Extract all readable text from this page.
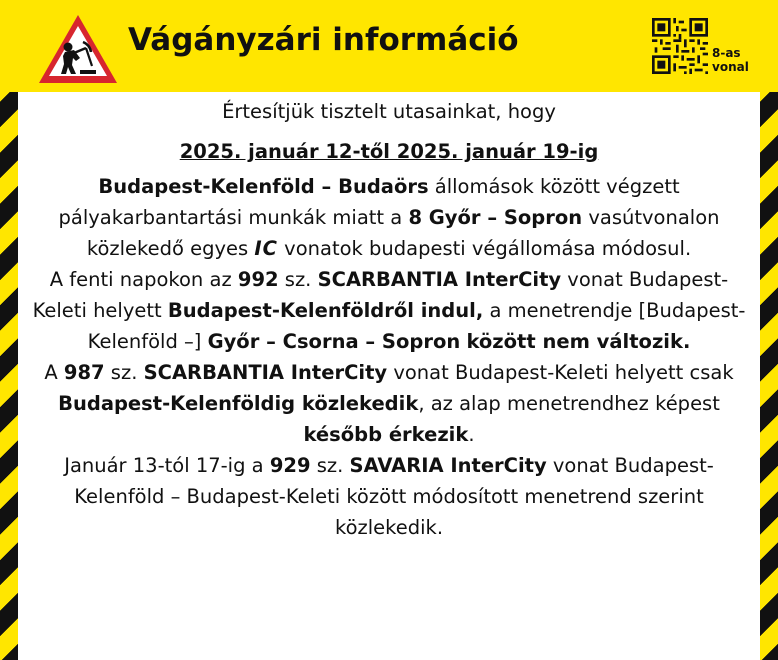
Vágányzári információ	8-as
vonal

Értesítjük tisztelt utasainkat, hogy

2025. január 12-től 2025. január 19-ig

Budapest-Kelenföld – Budaörs állomások között végzett pályakarbantartási munkák miatt a 8 Győr – Sopron vasútvonalon közlekedő egyes IC vonatok budapesti végállomása módosul.

A fenti napokon az 992 sz. SCARBANTIA InterCity vonat Budapest-Keleti helyett Budapest-Kelenföldről indul, a menetrendje [Budapest-Kelenföld –] Győr – Csorna – Sopron között nem változik.

A 987 sz. SCARBANTIA InterCity vonat Budapest-Keleti helyett csak Budapest-Kelenföldig közlekedik, az alap menetrendhez képest később érkezik.

Január 13-tól 17-ig a 929 sz. SAVARIA InterCity vonat Budapest-Kelenföld – Budapest-Keleti között módosított menetrend szerint közlekedik.
